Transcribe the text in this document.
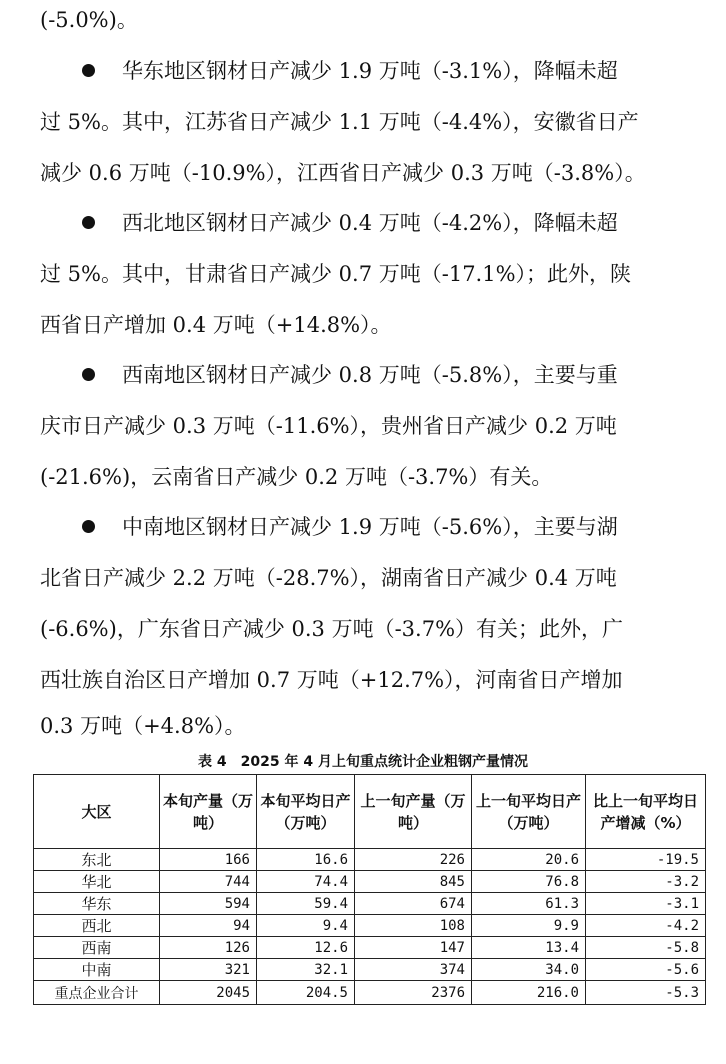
(-5.0%)。
华东地区钢材日产减少 1.9 万吨（-3.1%），降幅未超
过 5%。其中，江苏省日产减少 1.1 万吨（-4.4%），安徽省日产
减少 0.6 万吨（-10.9%），江西省日产减少 0.3 万吨（-3.8%）。
西北地区钢材日产减少 0.4 万吨（-4.2%），降幅未超
过 5%。其中，甘肃省日产减少 0.7 万吨（-17.1%）；此外，陕
西省日产增加 0.4 万吨（+14.8%）。
西南地区钢材日产减少 0.8 万吨（-5.8%），主要与重
庆市日产减少 0.3 万吨（-11.6%），贵州省日产减少 0.2 万吨
(-21.6%)，云南省日产减少 0.2 万吨（-3.7%）有关。
中南地区钢材日产减少 1.9 万吨（-5.6%），主要与湖
北省日产减少 2.2 万吨（-28.7%），湖南省日产减少 0.4 万吨
(-6.6%)，广东省日产减少 0.3 万吨（-3.7%）有关；此外，广
西壮族自治区日产增加 0.7 万吨（+12.7%），河南省日产增加
0.3 万吨（+4.8%）。
表 4　2025 年 4 月上旬重点统计企业粗钢产量情况
大区	本旬产量（万吨）	本旬平均日产（万吨）	上一旬产量（万吨）	上一旬平均日产（万吨）	比上一旬平均日产增减（%）
东北	166	16.6	226	20.6	-19.5
华北	744	74.4	845	76.8	-3.2
华东	594	59.4	674	61.3	-3.1
西北	94	9.4	108	9.9	-4.2
西南	126	12.6	147	13.4	-5.8
中南	321	32.1	374	34.0	-5.6
重点企业合计	2045	204.5	2376	216.0	-5.3
